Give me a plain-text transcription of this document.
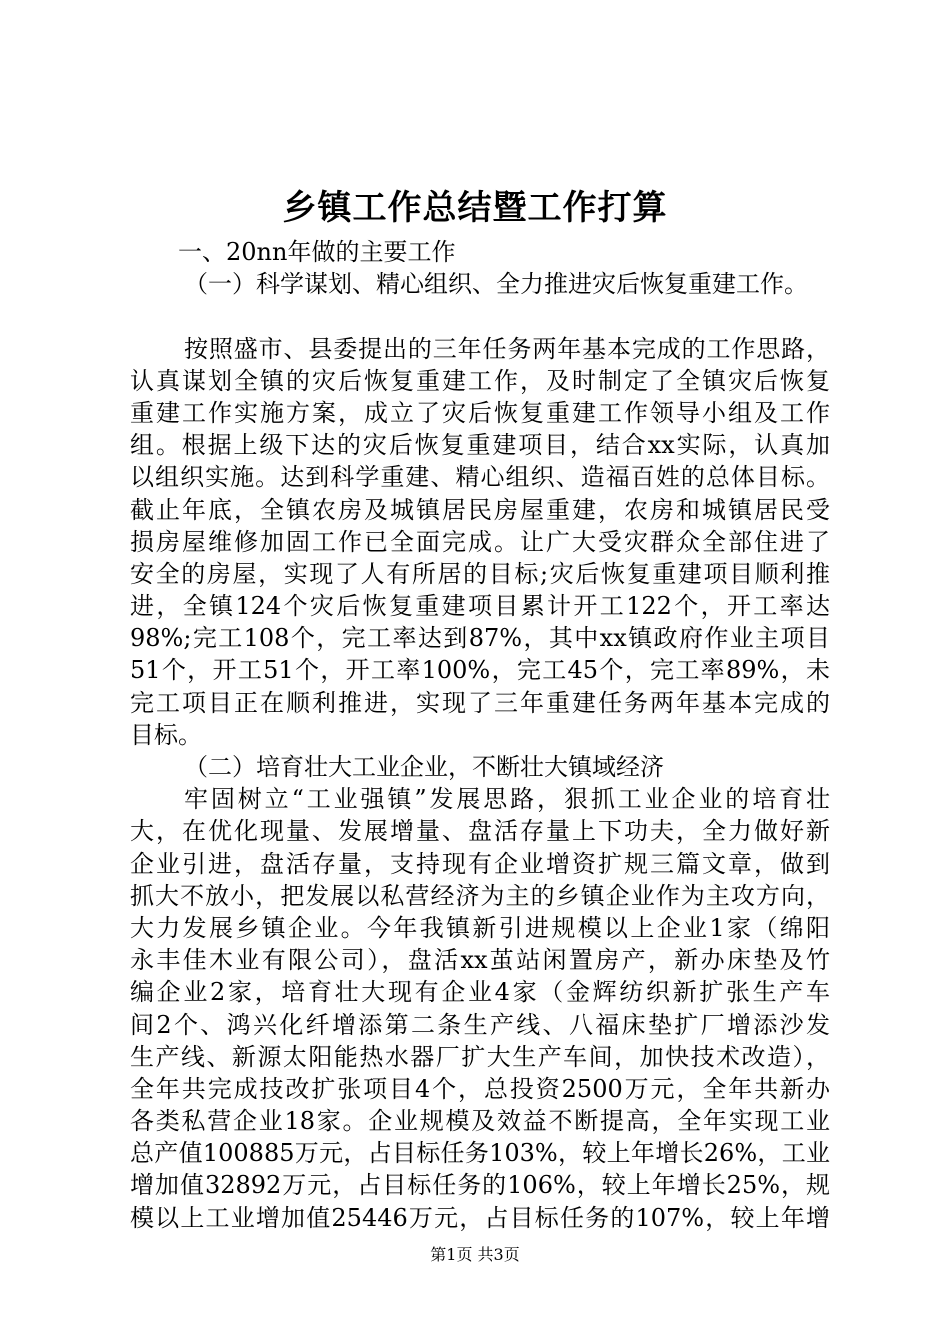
乡镇工作总结暨工作打算
一、20nn年做的主要工作
（一）科学谋划、精心组织、全力推进灾后恢复重建工作。
按照盛市、县委提出的三年任务两年基本完成的工作思路，
认真谋划全镇的灾后恢复重建工作，及时制定了全镇灾后恢复
重建工作实施方案，成立了灾后恢复重建工作领导小组及工作
组。根据上级下达的灾后恢复重建项目，结合xx实际，认真加
以组织实施。达到科学重建、精心组织、造福百姓的总体目标。
截止年底，全镇农房及城镇居民房屋重建，农房和城镇居民受
损房屋维修加固工作已全面完成。让广大受灾群众全部住进了
安全的房屋，实现了人有所居的目标;灾后恢复重建项目顺利推
进，全镇124个灾后恢复重建项目累计开工122个，开工率达
98%;完工108个，完工率达到87%，其中xx镇政府作业主项目
51个，开工51个，开工率100%，完工45个，完工率89%，未
完工项目正在顺利推进，实现了三年重建任务两年基本完成的
目标。
（二）培育壮大工业企业，不断壮大镇域经济
牢固树立“工业强镇”发展思路，狠抓工业企业的培育壮
大，在优化现量、发展增量、盘活存量上下功夫，全力做好新
企业引进，盘活存量，支持现有企业增资扩规三篇文章，做到
抓大不放小，把发展以私营经济为主的乡镇企业作为主攻方向，
大力发展乡镇企业。今年我镇新引进规模以上企业1家（绵阳
永丰佳木业有限公司），盘活xx茧站闲置房产，新办床垫及竹
编企业2家，培育壮大现有企业4家（金辉纺织新扩张生产车
间2个、鸿兴化纤增添第二条生产线、八福床垫扩厂增添沙发
生产线、新源太阳能热水器厂扩大生产车间，加快技术改造），
全年共完成技改扩张项目4个，总投资2500万元，全年共新办
各类私营企业18家。企业规模及效益不断提高，全年实现工业
总产值100885万元，占目标任务103%，较上年增长26%，工业
增加值32892万元，占目标任务的106%，较上年增长25%，规
模以上工业增加值25446万元，占目标任务的107%，较上年增
第1页 共3页
